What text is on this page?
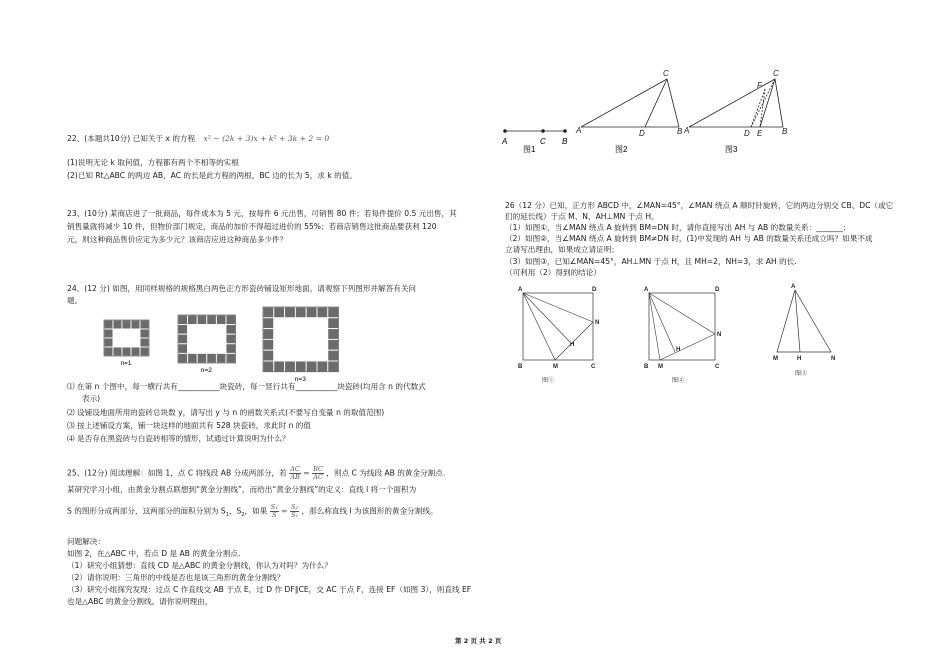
22、(本题共10分) 已知关于 x 的方程 x² − (2k + 3)x + k² + 3k + 2 = 0
(1)说明无论 k 取何值，方程都有两个不相等的实根
(2)已知 Rt△ABC 的两边 AB，AC 的长是此方程的两根，BC 边的长为 5，求 k 的值。
23、(10分) 某商店进了一批商品，每件成本为 5 元，按每件 6 元出售，可销售 80 件；若每件提价 0.5 元出售，其
销售量就将减少 10 件，但物价部门规定，商品的加价不得超过进价的 55%；若商店销售这批商品要获利 120
元，则这种商品售价应定为多少元？该商店应进这种商品多少件？
24、(12 分) 如图，用同样规格的规格黑白两色正方形瓷砖铺设矩形地面，请观察下列图形并解答有关问
题。
n=1
n=2
n=3
⑴ 在第 n 个图中，每一横行共有___________块瓷砖，每一竖行共有___________块瓷砖(均用含 n 的代数式
表示)
⑵ 设铺设地面所用的瓷砖总块数 y，请写出 y 与 n 的函数关系式(不要写自变量 n 的取值范围)
⑶ 按上述铺设方案，铺一块这样的地面共有 528 块瓷砖，求此时 n 的值
⑷ 是否存在黑瓷砖与白瓷砖相等的情形，试通过计算说明为什么？
25、(12分) 阅读理解：如图 1，点 C 将线段 AB 分成两部分，若 $\frac{AC}{AB} = \frac{BC}{AC}$ ，则点 C 为线段 AB 的黄金分割点.
某研究学习小组，由黄金分割点联想到“黄金分割线”，而给出“黄金分割线”的定义：直线 l 将一个面积为
S 的图形分成两部分，这两部分的面积分别为 $S_1$，$S_2$，如果 $\frac{\text{S₁}}{S} = \frac{\text{S₂}}{\text{S₁}}$ ，那么称直线 l 为该图形的黄金分割线。
问题解决：
如图 2，在△ABC 中，若点 D 是 AB 的黄金分割点.
（1）研究小组猜想：直线 CD 是△ABC 的黄金分割线，你认为对吗？为什么？
（2）请你说明：三角形的中线是否也是该三角形的黄金分割线？
（3）研究小组探究发现：过点 C 作直线交 AB 于点 E，过 D 作 DF∥CE，交 AC 于点 F，连接 EF（如图 3），则直线 EF
也是△ABC 的黄金分割线。请你说明理由。
A	C B
A	D	B
C
A	D E B
C
F
图1	图2	图3
26（12 分）已知，正方形 ABCD 中，∠MAN=45°，∠MAN 绕点 A 顺时针旋转，它的两边分别交 CB、DC（或它
们的延长线）于点 M、N，AH⊥MN 于点 H。
（1）如图①，当∠MAN 绕点 A 旋转到 BM=DN 时，请你直接写出 AH 与 AB 的数量关系：_______；
（2）如图②，当∠MAN 绕点 A 旋转到 BM≠DN 时，(1)中发现的 AH 与 AB 的数量关系还成立吗？如果不成
立请写出理由，如果成立请证明；
（3）如图③，已知∠MAN=45°，AH⊥MN 于点 H，且 MH=2，NH=3，求 AH 的长.
（可利用（2）得到的结论）
A	D
B	C
M
N
H
图①
A	D
B	C
M
N
H
图②
A
M	H	N
图③
第 2 页 共 2 页
